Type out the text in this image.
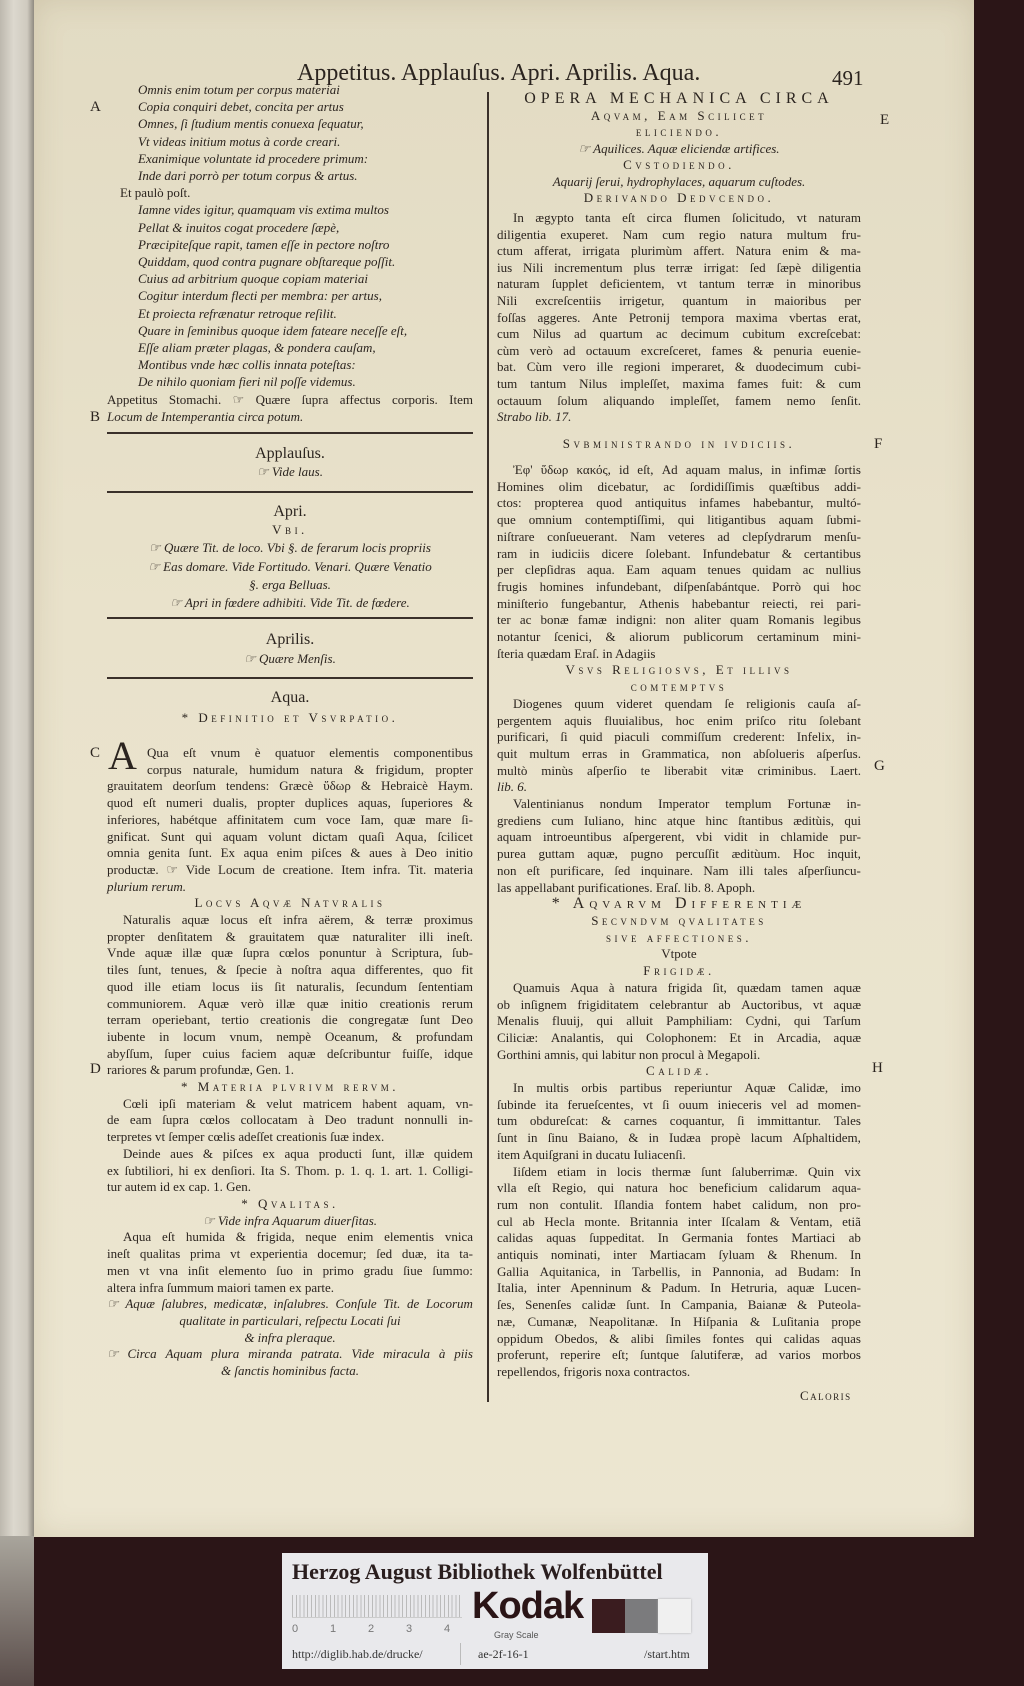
Appetitus. Applauſus. Apri. Aprilis. Aqua.	491
A
B
C
D
E
F
G
H
Omnis enim totum per corpus materiai
Copia conquiri debet, concita per artus
Omnes, ſi ſtudium mentis conuexa ſequatur,
Vt videas initium motus à corde creari.
Exanimique voluntate id procedere primum:
Inde dari porrò per totum corpus & artus.
Et paulò poſt.
Iamne vides igitur, quamquam vis extima multos
Pellat & inuitos cogat procedere ſæpè,
Præcipiteſque rapit, tamen eſſe in pectore noſtro
Quiddam, quod contra pugnare obſtareque poſſit.
Cuius ad arbitrium quoque copiam materiai
Cogitur interdum flecti per membra: per artus,
Et proiecta refrænatur retroque reſilit.
Quare in ſeminibus quoque idem fateare neceſſe eſt,
Eſſe aliam præter plagas, & pondera cauſam,
Montibus vnde hæc collis innata poteſtas:
De nihilo quoniam fieri nil poſſe videmus.
Appetitus Stomachi. ☞ Quære ſupra affectus corporis. Item
Locum de Intemperantia circa potum.
Applauſus.
☞ Vide laus.
Apri.
Vbi.
☞ Quære Tit. de loco. Vbi §. de ferarum locis propriis
☞ Eas domare. Vide Fortitudo. Venari. Quære Venatio
§. erga Belluas.
☞ Apri in fœdere adhibiti. Vide Tit. de fœdere.
Aprilis.
☞ Quære Menſis.
Aqua.
* Definitio et Vsvrpatio.
A Qua eſt vnum è quatuor elementis componentibus
corpus naturale, humidum natura & frigidum, propter
grauitatem deorſum tendens: Græcè ὕδωρ & Hebraicè Haym.
quod eſt numeri dualis, propter duplices aquas, ſuperiores &
inferiores, habétque affinitatem cum voce Iam, quæ mare ſi-
gnificat. Sunt qui aquam volunt dictam quaſi Aqua, ſcilicet
omnia genita ſunt. Ex aqua enim piſces & aues à Deo initio
productæ. ☞ Vide Locum de creatione. Item infra. Tit. materia
plurium rerum.
Locvs Aqvæ Natvralis
Naturalis aquæ locus eſt infra aërem, & terræ proximus
propter denſitatem & grauitatem quæ naturaliter illi ineſt.
Vnde aquæ illæ quæ ſupra cœlos ponuntur à Scriptura, ſub-
tiles ſunt, tenues, & ſpecie à noſtra aqua differentes, quo fit
quod ille etiam locus iis ſit naturalis, ſecundum ſententiam
communiorem. Aquæ verò illæ quæ initio creationis rerum
terram operiebant, tertio creationis die congregatæ ſunt Deo
iubente in locum vnum, nempè Oceanum, & profundam
abyſſum, ſuper cuius faciem aquæ deſcribuntur fuiſſe, idque
rariores & parum profundæ, Gen. 1.
* Materia plvrivm rervm.
Cœli ipſi materiam & velut matricem habent aquam, vn-
de eam ſupra cœlos collocatam à Deo tradunt nonnulli in-
terpretes vt ſemper cœlis adeſſet creationis ſuæ index.
Deinde aues & piſces ex aqua producti ſunt, illæ quidem
ex ſubtiliori, hi ex denſiori. Ita S. Thom. p. 1. q. 1. art. 1. Colligi-
tur autem id ex cap. 1. Gen.
* Qvalitas.
☞ Vide infra Aquarum diuerſitas.
Aqua eſt humida & frigida, neque enim elementis vnica
ineſt qualitas prima vt experientia docemur; ſed duæ, ita ta-
men vt vna inſit elemento ſuo in primo gradu ſiue ſummo:
altera infra ſummum maiori tamen ex parte.
☞ Aquæ ſalubres, medicatæ, inſalubres. Conſule Tit. de Locorum
qualitate in particulari, reſpectu Locati ſui
& infra pleraque.
☞ Circa Aquam plura miranda patrata. Vide miracula à piis
& ſanctis hominibus facta.
OPERA MECHANICA CIRCA
Aqvam, Eam Scilicet
eliciendo.
☞ Aquilices. Aquæ eliciendæ artifices.
Cvstodiendo.
Aquarij ſerui, hydrophylaces, aquarum cuſtodes.
Derivando Dedvcendo.
In ægypto tanta eſt circa flumen ſolicitudo, vt naturam
diligentia exuperet. Nam cum regio natura multum fru-
ctum afferat, irrigata plurimùm affert. Natura enim & ma-
ius Nili incrementum plus terræ irrigat: ſed ſæpè diligentia
naturam ſupplet deficientem, vt tantum terræ in minoribus
Nili excreſcentiis irrigetur, quantum in maioribus per
foſſas aggeres. Ante Petronij tempora maxima vbertas erat,
cum Nilus ad quartum ac decimum cubitum excreſcebat:
cùm verò ad octauum excreſceret, fames & penuria euenie-
bat. Cùm vero ille regioni imperaret, & duodecimum cubi-
tum tantum Nilus impleſſet, maxima fames fuit: & cum
octauum ſolum aliquando impleſſet, famem nemo ſenſit.
Strabo lib. 17.
Svbministrando in ivdiciis.
Ἐφ' ὕδωρ κακός, id eſt, Ad aquam malus, in infimæ ſortis
Homines olim dicebatur, ac ſordidiſſimis quæſtibus addi-
ctos: propterea quod antiquitus infames habebantur, multó-
que omnium contemptiſſimi, qui litigantibus aquam ſubmi-
niſtrare conſueuerant. Nam veteres ad clepſydrarum menſu-
ram in iudiciis dicere ſolebant. Infundebatur & certantibus
per clepſidras aqua. Eam aquam tenues quidam ac nullius
frugis homines infundebant, diſpenſabántque. Porrò qui hoc
miniſterio fungebantur, Athenis habebantur reiecti, rei pari-
ter ac bonæ famæ indigni: non aliter quam Romanis legibus
notantur ſcenici, & aliorum publicorum certaminum mini-
ſteria quædam Eraſ. in Adagiis
Vsvs Religiosvs, Et illivs
comtemptvs
Diogenes quum videret quendam ſe religionis cauſa aſ-
pergentem aquis fluuialibus, hoc enim priſco ritu ſolebant
purificari, ſi quid piaculi commiſſum crederent: Infelix, in-
quit multum erras in Grammatica, non abſolueris aſperſus.
multò minùs aſperſio te liberabit vitæ criminibus. Laert.
lib. 6.
Valentinianus nondum Imperator templum Fortunæ in-
grediens cum Iuliano, hinc atque hinc ſtantibus æditùis, qui
aquam introeuntibus aſpergerent, vbi vidit in chlamide pur-
purea guttam aquæ, pugno percuſſit æditùum. Hoc inquit,
non eſt purificare, ſed inquinare. Nam illi tales aſperſiuncu-
las appellabant purificationes. Eraſ. lib. 8. Apoph.
* Aqvarvm Differentiæ
Secvndvm qvalitates
ſive affectiones.
Vtpote
Frigidæ.
Quamuis Aqua à natura frigida ſit, quædam tamen aquæ
ob inſignem frigiditatem celebrantur ab Auctoribus, vt aquæ
Menalis fluuij, qui alluit Pamphiliam: Cydni, qui Tarſum
Ciliciæ: Analantis, qui Colophonem: Et in Arcadia, aquæ
Gorthini amnis, qui labitur non procul à Megapoli.
Calidæ.
In multis orbis partibus reperiuntur Aquæ Calidæ, imo
ſubinde ita ferueſcentes, vt ſi ouum inieceris vel ad momen-
tum obdureſcat: & carnes coquantur, ſi immittantur. Tales
ſunt in ſinu Baiano, & in Iudæa propè lacum Aſphaltidem,
item Aquiſgrani in ducatu Iuliacenſi.
Iiſdem etiam in locis thermæ ſunt ſaluberrimæ. Quin vix
vlla eſt Regio, qui natura hoc beneficium calidarum aqua-
rum non contulit. Iſlandia fontem habet calidum, non pro-
cul ab Hecla monte. Britannia inter Iſcalam & Ventam, etiã
calidas aquas ſuppeditat. In Germania fontes Martiaci ab
antiquis nominati, inter Martiacam ſyluam & Rhenum. In
Gallia Aquitanica, in Tarbellis, in Pannonia, ad Budam: In
Italia, inter Apenninum & Padum. In Hetruria, aquæ Lucen-
ſes, Senenſes calidæ ſunt. In Campania, Baianæ & Puteola-
næ, Cumanæ, Neapolitanæ. In Hiſpania & Luſitania prope
oppidum Obedos, & alibi ſimiles fontes qui calidas aquas
proferunt, reperire eſt; ſuntque ſalutiferæ, ad varios morbos
repellendos, frigoris noxa contractos.
Caloris
Herzog August Bibliothek Wolfenbüttel
0	1	2	3	4
Kodak
Gray Scale
http://diglib.hab.de/drucke/	ae-2f-16-1	/start.htm
